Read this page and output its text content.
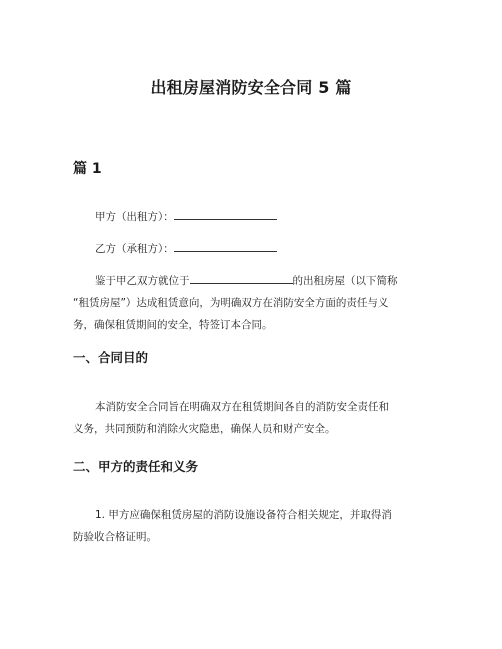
出租房屋消防安全合同 5 篇
篇 1
甲方（出租方）：
乙方（承租方）：
鉴于甲乙双方就位于	的出租房屋（以下简称
“租赁房屋”）达成租赁意向，为明确双方在消防安全方面的责任与义
务，确保租赁期间的安全，特签订本合同。
一、合同目的
本消防安全合同旨在明确双方在租赁期间各自的消防安全责任和
义务，共同预防和消除火灾隐患，确保人员和财产安全。
二、甲方的责任和义务
1. 甲方应确保租赁房屋的消防设施设备符合相关规定，并取得消
防验收合格证明。
